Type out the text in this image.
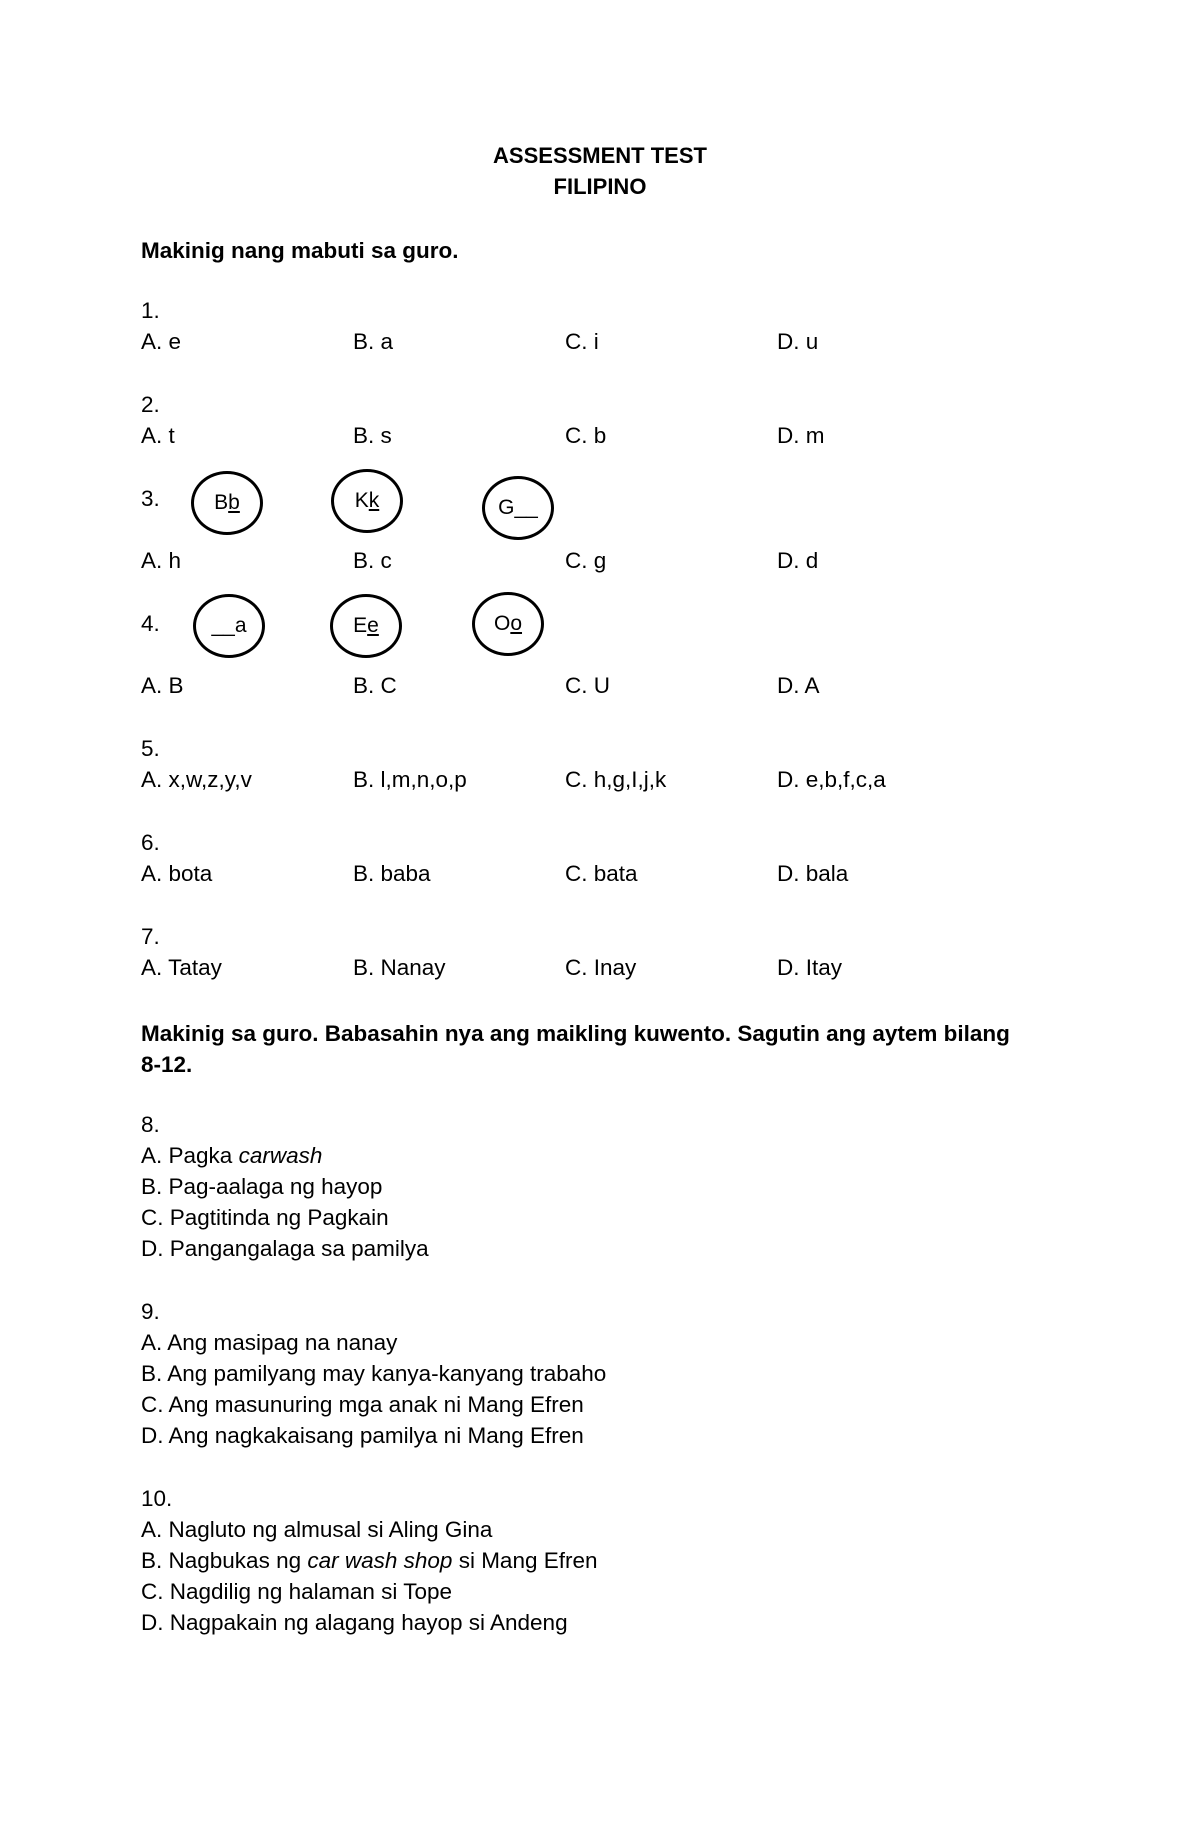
ASSESSMENT TEST
FILIPINO
Makinig nang mabuti sa guro.
1.
A. e	B. a	C. i	D. u
2.
A. t	B. s	C. b	D. m
3.	B b	K k	G __
A. h	B. c	C. g	D. d
4. __ a	E e	O o
A. B	B. C	C. U	D. A
5.
A. x,w,z,y,v	B. l,m,n,o,p	C. h,g,I,j,k	D. e,b,f,c,a
6.
A. bota	B. baba	C. bata	D. bala
7.
A. Tatay	B. Nanay	C. Inay	D. Itay
Makinig sa guro. Babasahin nya ang maikling kuwento. Sagutin ang aytem bilang
8-12.
8.
A. Pagka carwash
B. Pag-aalaga ng hayop
C. Pagtitinda ng Pagkain
D. Pangangalaga sa pamilya
9.
A. Ang masipag na nanay
B. Ang pamilyang may kanya-kanyang trabaho
C. Ang masunuring mga anak ni Mang Efren
D. Ang nagkakaisang pamilya ni Mang Efren
10.
A. Nagluto ng almusal si Aling Gina
B. Nagbukas ng car wash shop si Mang Efren
C. Nagdilig ng halaman si Tope
D. Nagpakain ng alagang hayop si Andeng
